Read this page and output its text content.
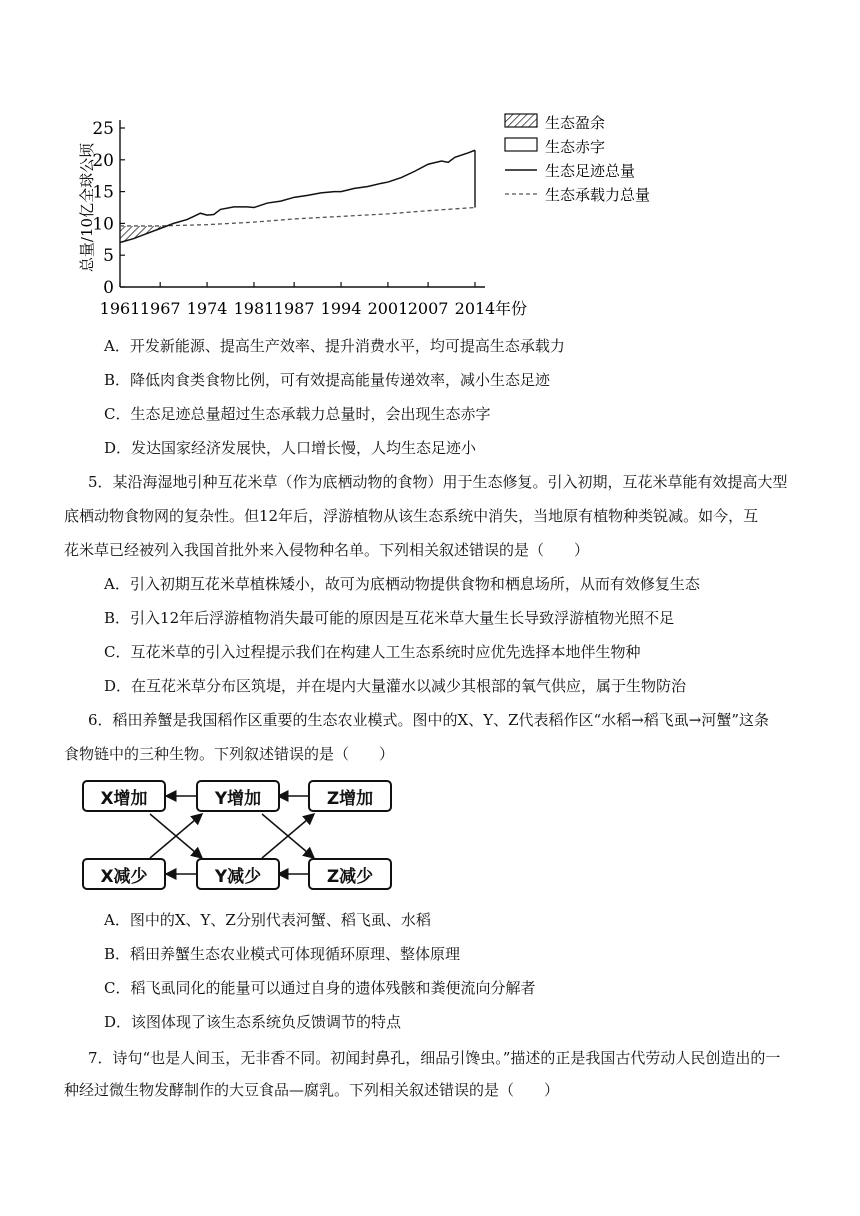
0
5
10
15
20
25
1961 1967 1974 1981 1987 1994 2001 2007 2014 年份
总量/10亿全球公顷
生态盈余
生态赤字
生态足迹总量
生态承载力总量
A．开发新能源、提高生产效率、提升消费水平，均可提高生态承载力
B．降低肉食类食物比例，可有效提高能量传递效率，减小生态足迹
C．生态足迹总量超过生态承载力总量时，会出现生态赤字
D．发达国家经济发展快，人口增长慢，人均生态足迹小
5．某沿海湿地引种互花米草（作为底栖动物的食物）用于生态修复。引入初期，互花米草能有效提高大型
底栖动物食物网的复杂性。但12年后，浮游植物从该生态系统中消失，当地原有植物种类锐减。如今，互
花米草已经被列入我国首批外来入侵物种名单。下列相关叙述错误的是（　　）
A．引入初期互花米草植株矮小，故可为底栖动物提供食物和栖息场所，从而有效修复生态
B．引入12年后浮游植物消失最可能的原因是互花米草大量生长导致浮游植物光照不足
C．互花米草的引入过程提示我们在构建人工生态系统时应优先选择本地伴生物种
D．在互花米草分布区筑堤，并在堤内大量灌水以减少其根部的氧气供应，属于生物防治
6．稻田养蟹是我国稻作区重要的生态农业模式。图中的X、Y、Z代表稻作区“水稻→稻飞虱→河蟹”这条
食物链中的三种生物。下列叙述错误的是（　　）
X增加	Y增加	Z增加
X减少	Y减少	Z减少
A．图中的X、Y、Z分别代表河蟹、稻飞虱、水稻
B．稻田养蟹生态农业模式可体现循环原理、整体原理
C．稻飞虱同化的能量可以通过自身的遗体残骸和粪便流向分解者
D．该图体现了该生态系统负反馈调节的特点
7．诗句“也是人间玉，无非香不同。初闻封鼻孔，细品引馋虫。”描述的正是我国古代劳动人民创造出的一
种经过微生物发酵制作的大豆食品—腐乳。下列相关叙述错误的是（　　）
